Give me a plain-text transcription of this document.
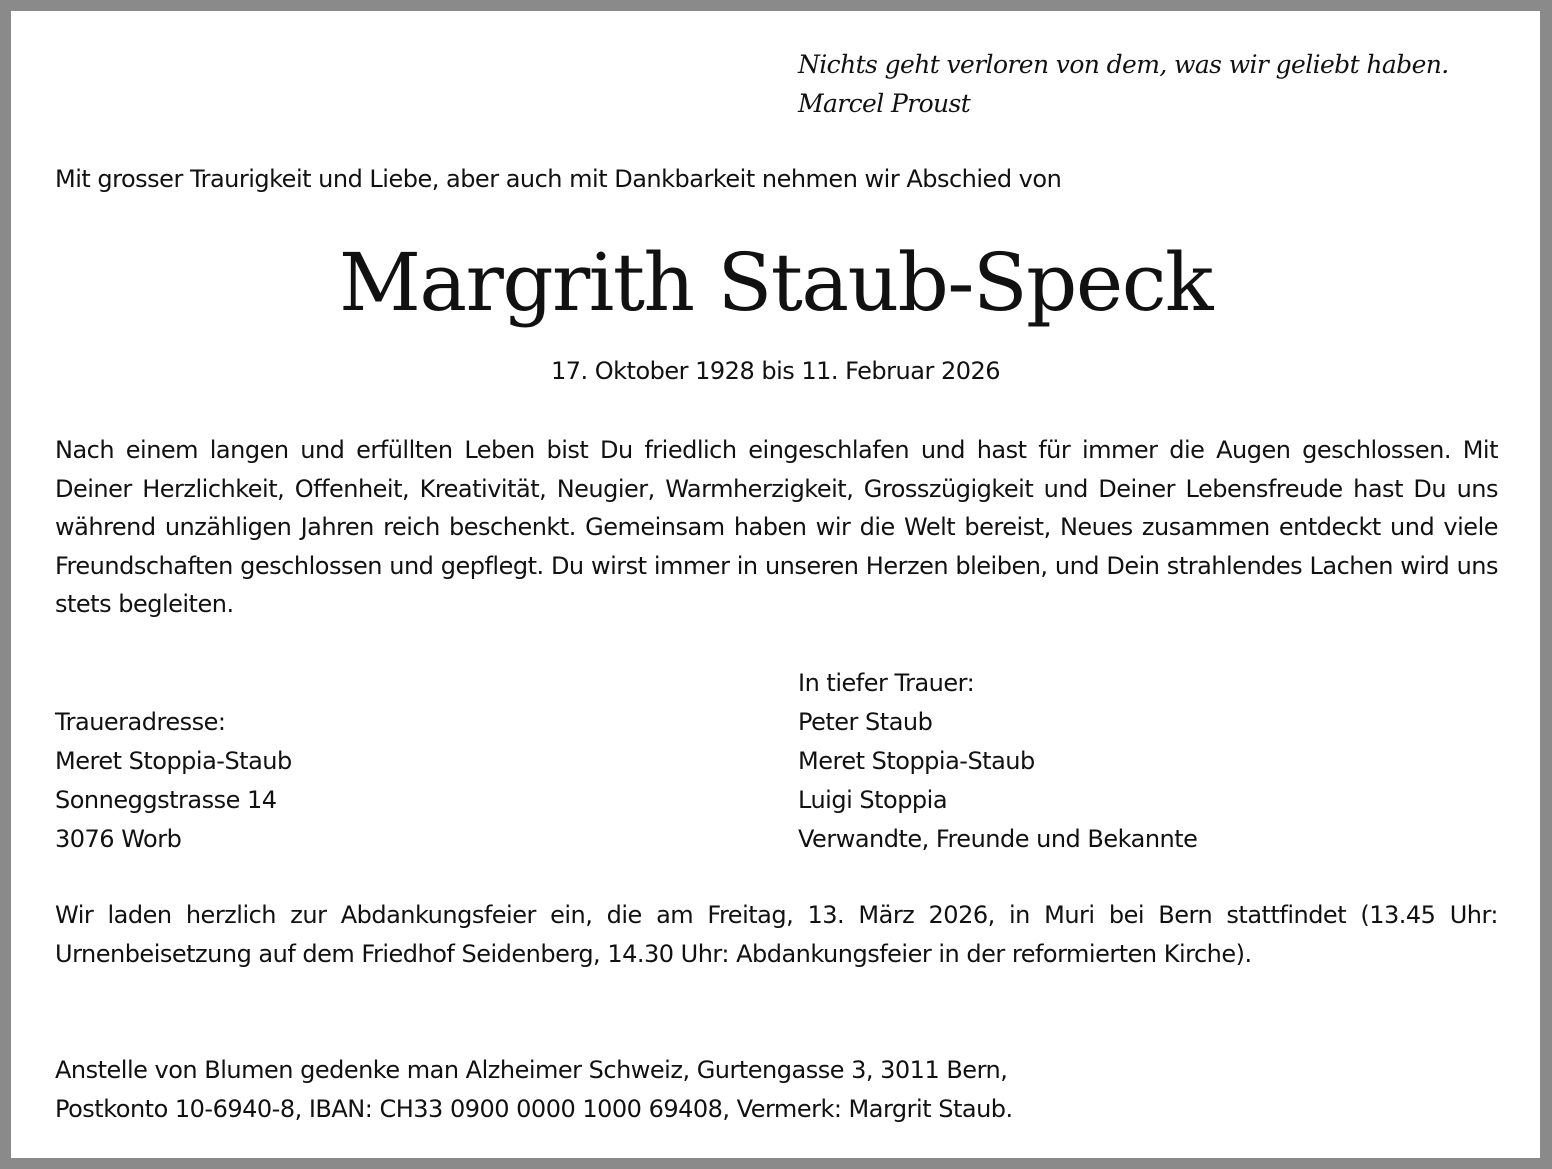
Nichts geht verloren von dem, was wir geliebt haben.
Marcel Proust
Mit grosser Traurigkeit und Liebe, aber auch mit Dankbarkeit nehmen wir Abschied von
Margrith Staub-Speck
17. Oktober 1928 bis 11. Februar 2026
Nach einem langen und erfüllten Leben bist Du friedlich eingeschlafen und hast für immer die Augen geschlossen. Mit Deiner Herzlichkeit, Offenheit, Kreativität, Neugier, Warmherzigkeit, Grosszügigkeit und Deiner Lebensfreude hast Du uns während unzähligen Jahren reich beschenkt. Gemeinsam haben wir die Welt bereist, Neues zusammen entdeckt und viele Freundschaften geschlossen und gepflegt. Du wirst immer in unseren Herzen bleiben, und Dein strahlendes Lachen wird uns stets begleiten.
Traueradresse:
Meret Stoppia-Staub
Sonneggstrasse 14
3076 Worb
In tiefer Trauer:
Peter Staub
Meret Stoppia-Staub
Luigi Stoppia
Verwandte, Freunde und Bekannte
Wir laden herzlich zur Abdankungsfeier ein, die am Freitag, 13. März 2026, in Muri bei Bern stattfindet (13.45 Uhr: Urnenbeisetzung auf dem Friedhof Seidenberg, 14.30 Uhr: Abdankungsfeier in der reformierten Kirche).
Anstelle von Blumen gedenke man Alzheimer Schweiz, Gurtengasse 3, 3011 Bern,
Postkonto 10-6940-8, IBAN: CH33 0900 0000 1000 69408, Vermerk: Margrit Staub.
